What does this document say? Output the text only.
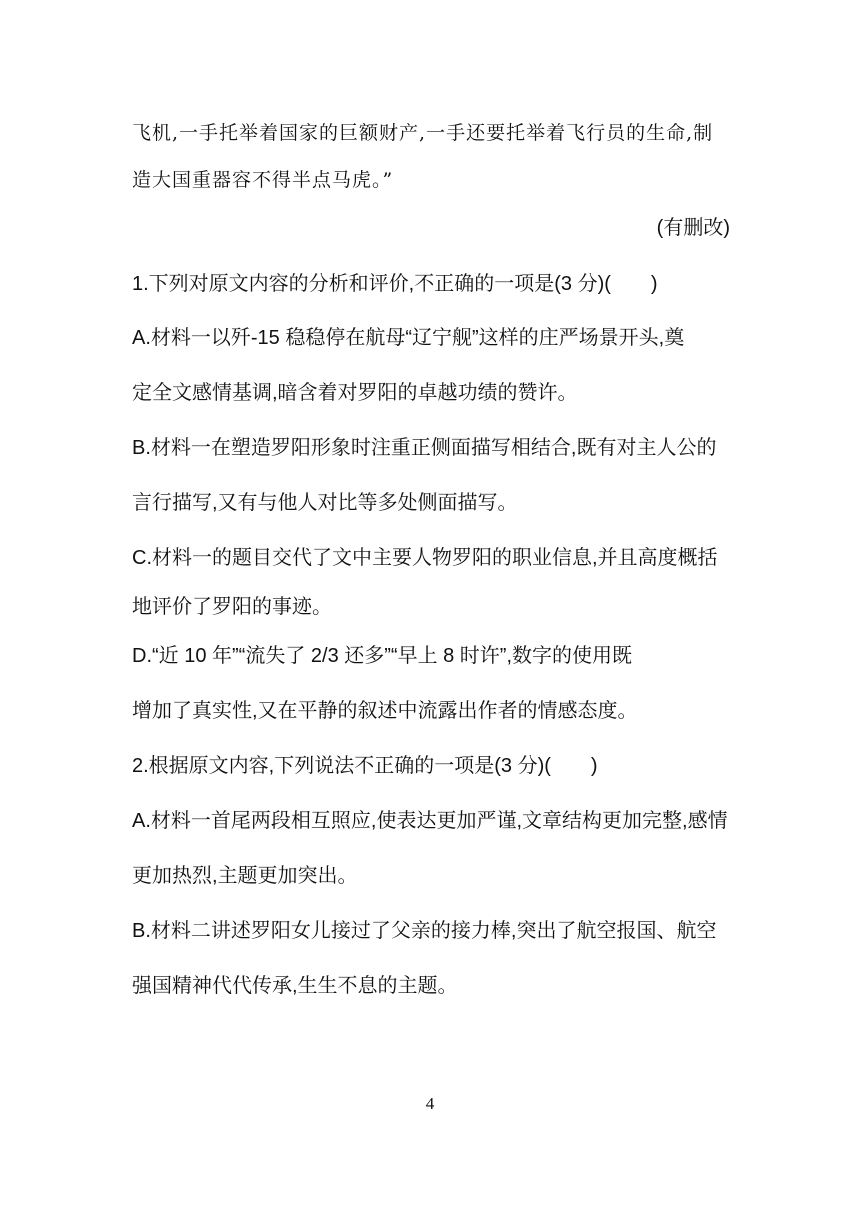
飞机,一手托举着国家的巨额财产,一手还要托举着飞行员的生命,制
造大国重器容不得半点马虎。”
(有删改)
1.下列对原文内容的分析和评价,不正确的一项是(3 分)(　　)
A.材料一以歼-15 稳稳停在航母“辽宁舰”这样的庄严场景开头,奠
定全文感情基调,暗含着对罗阳的卓越功绩的赞许。
B.材料一在塑造罗阳形象时注重正侧面描写相结合,既有对主人公的
言行描写,又有与他人对比等多处侧面描写。
C.材料一的题目交代了文中主要人物罗阳的职业信息,并且高度概括
地评价了罗阳的事迹。
D.“近 10 年”“流失了 2/3 还多”“早上 8 时许”,数字的使用既
增加了真实性,又在平静的叙述中流露出作者的情感态度。
2.根据原文内容,下列说法不正确的一项是(3 分)(　　)
A.材料一首尾两段相互照应,使表达更加严谨,文章结构更加完整,感情
更加热烈,主题更加突出。
B.材料二讲述罗阳女儿接过了父亲的接力棒,突出了航空报国、航空
强国精神代代传承,生生不息的主题。
4
